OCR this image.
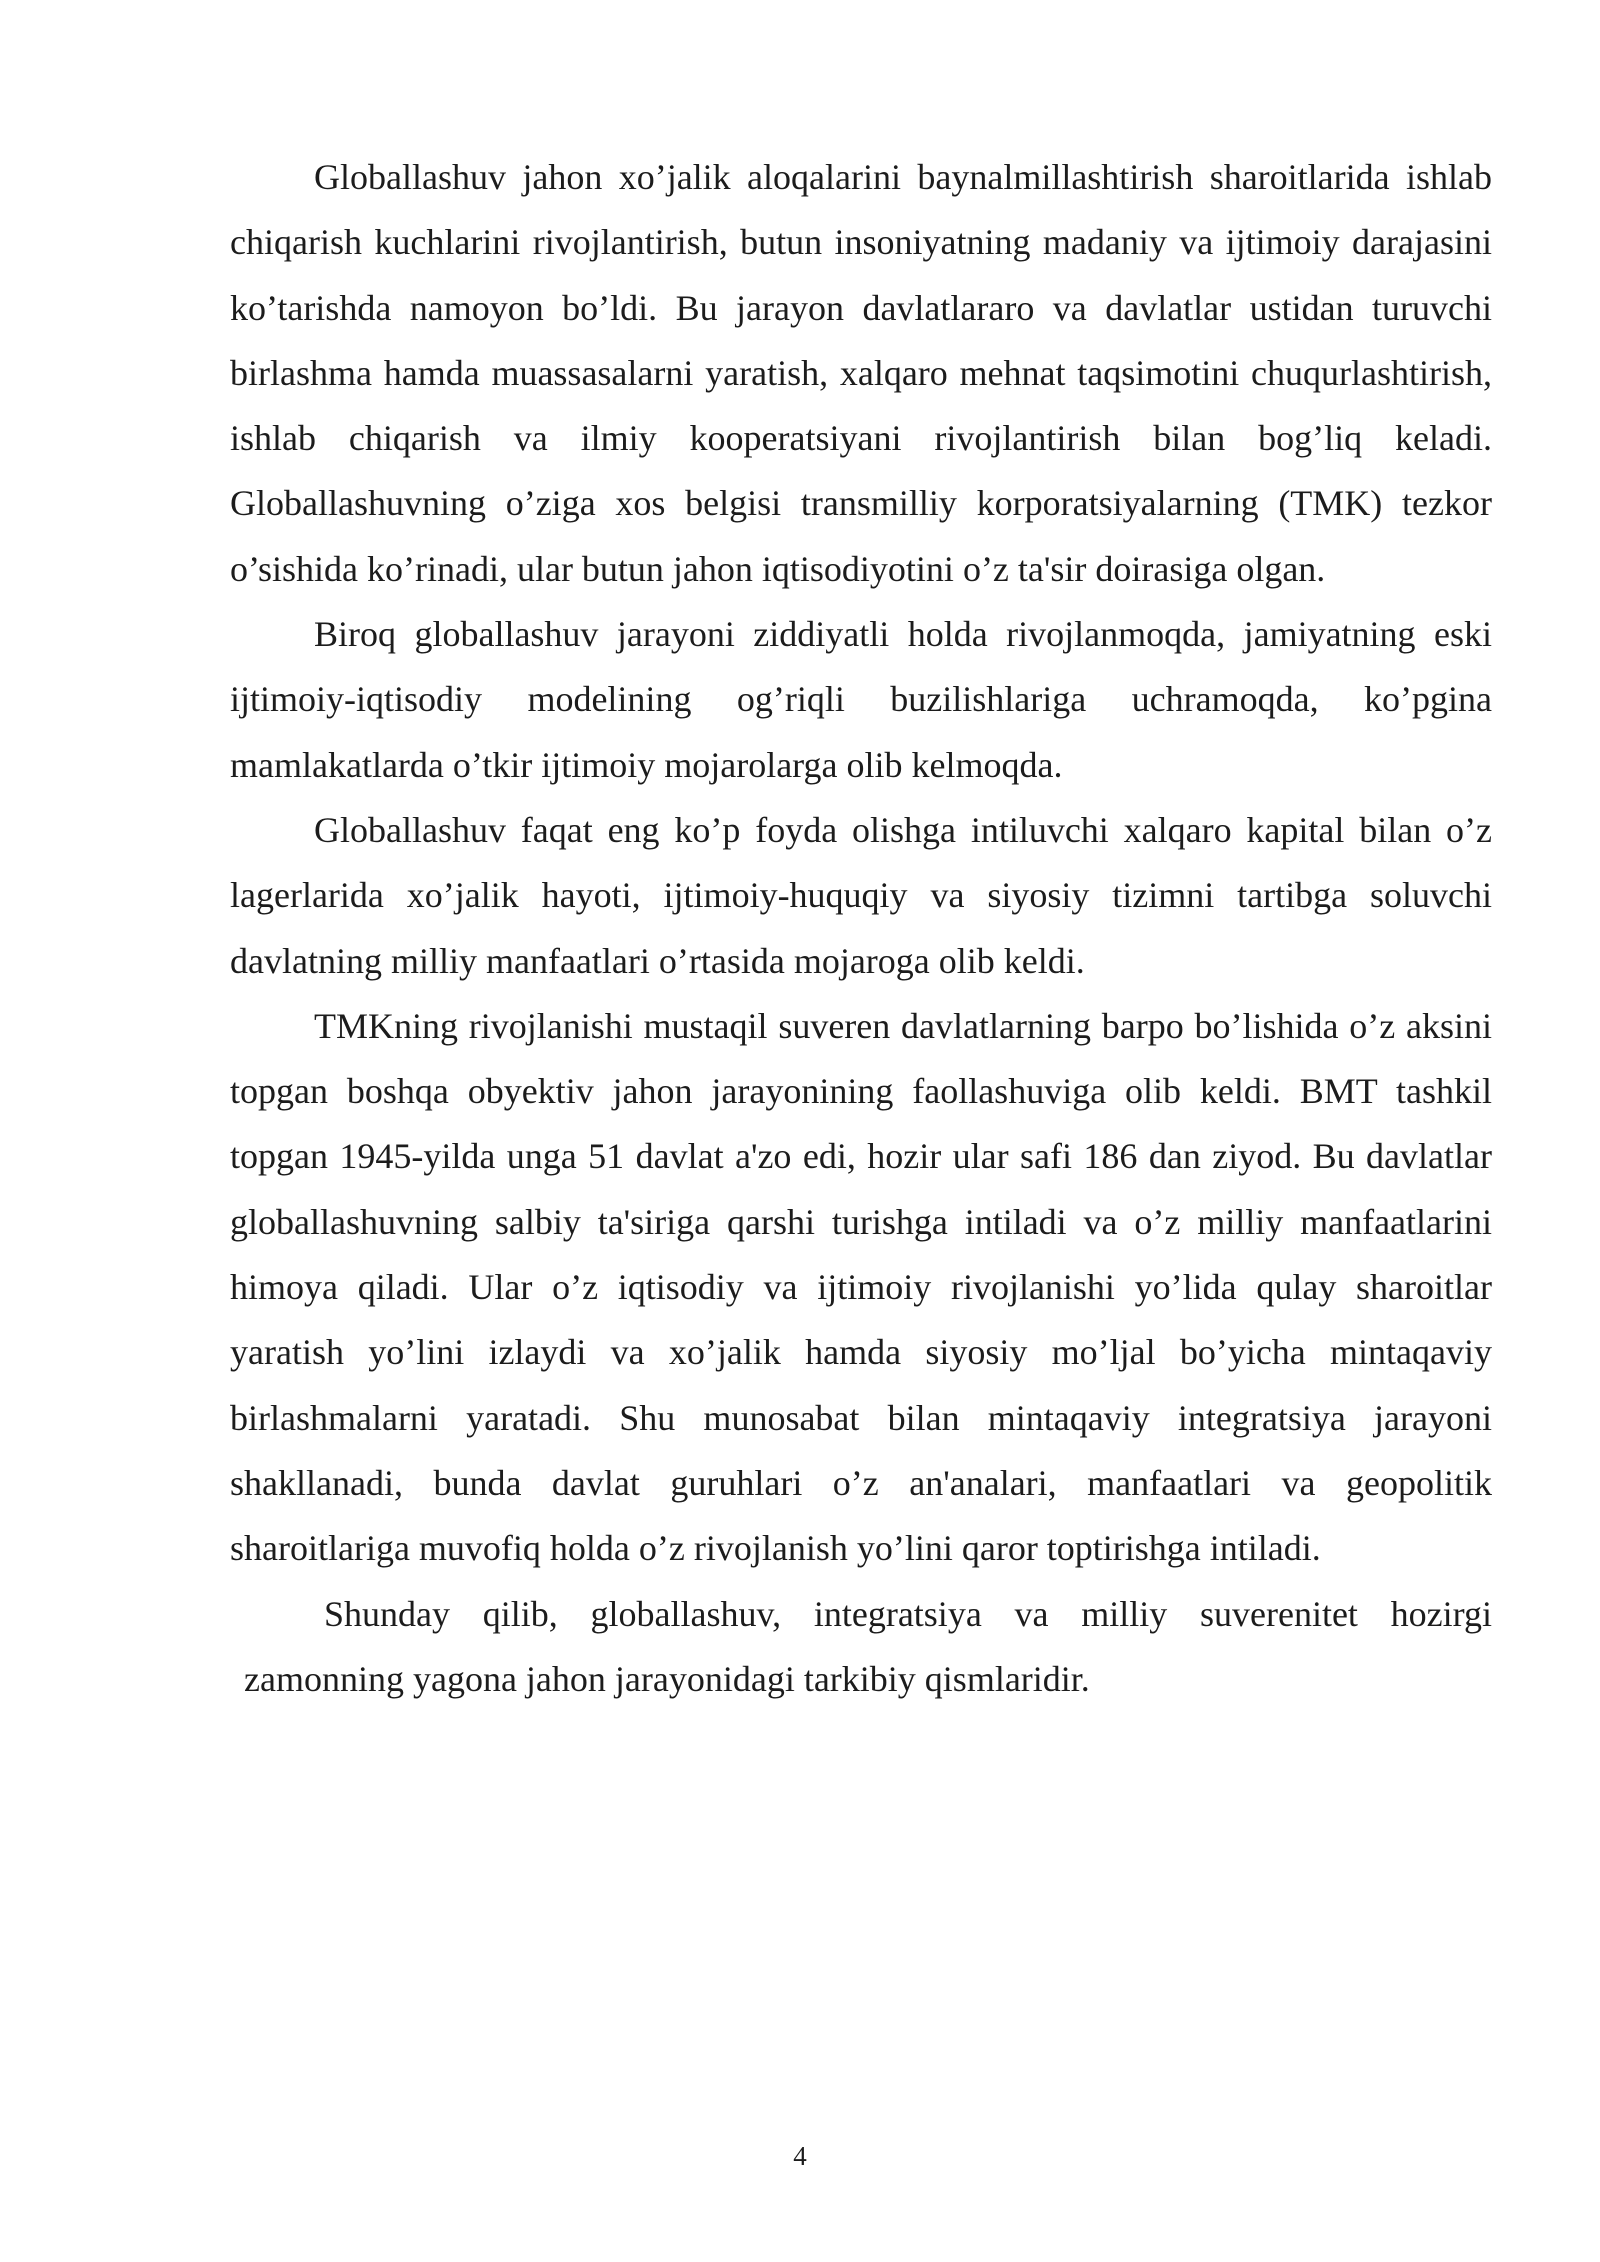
Globallashuv jahon xo’jalik aloqalarini baynalmillashtirish sharoitlarida ishlab chiqarish kuchlarini rivojlantirish, butun insoniyatning madaniy va ijtimoiy darajasini ko’tarishda namoyon bo’ldi. Bu jarayon davlatlararo va davlatlar ustidan turuvchi birlashma hamda muassasalarni yaratish, xalqaro mehnat taqsimotini chuqurlashtirish, ishlab chiqarish va ilmiy kooperatsiyani rivojlantirish bilan bog’liq keladi. Globallashuvning o’ziga xos belgisi transmilliy korporatsiyalarning (TMK) tezkor o’sishida ko’rinadi, ular butun jahon iqtisodiyotini o’z ta'sir doirasiga olgan.

Biroq globallashuv jarayoni ziddiyatli holda rivojlanmoqda, jamiyatning eski ijtimoiy-iqtisodiy modelining og’riqli buzilishlariga uchramoqda, ko’pgina mamlakatlarda o’tkir ijtimoiy mojarolarga olib kelmoqda.

Globallashuv faqat eng ko’p foyda olishga intiluvchi xalqaro kapital bilan o’z lagerlarida xo’jalik hayoti, ijtimoiy-huquqiy va siyosiy tizimni tartibga soluvchi davlatning milliy manfaatlari o’rtasida mojaroga olib keldi.

TMKning rivojlanishi mustaqil suveren davlatlarning barpo bo’lishida o’z aksini topgan boshqa obyektiv jahon jarayonining faollashuviga olib keldi. BMT tashkil topgan 1945-yilda unga 51 davlat a'zo edi, hozir ular safi 186 dan ziyod. Bu davlatlar globallashuvning salbiy ta'siriga qarshi turishga intiladi va o’z milliy manfaatlarini himoya qiladi. Ular o’z iqtisodiy va ijtimoiy rivojlanishi yo’lida qulay sharoitlar yaratish yo’lini izlaydi va xo’jalik hamda siyosiy mo’ljal bo’yicha mintaqaviy birlashmalarni yaratadi. Shu munosabat bilan mintaqaviy integratsiya jarayoni shakllanadi, bunda davlat guruhlari o’z an'analari, manfaatlari va geopolitik sharoitlariga muvofiq holda o’z rivojlanish yo’lini qaror toptirishga intiladi.

Shunday qilib, globallashuv, integratsiya va milliy suverenitet hozirgi zamonning yagona jahon jarayonidagi tarkibiy qismlaridir.

4
